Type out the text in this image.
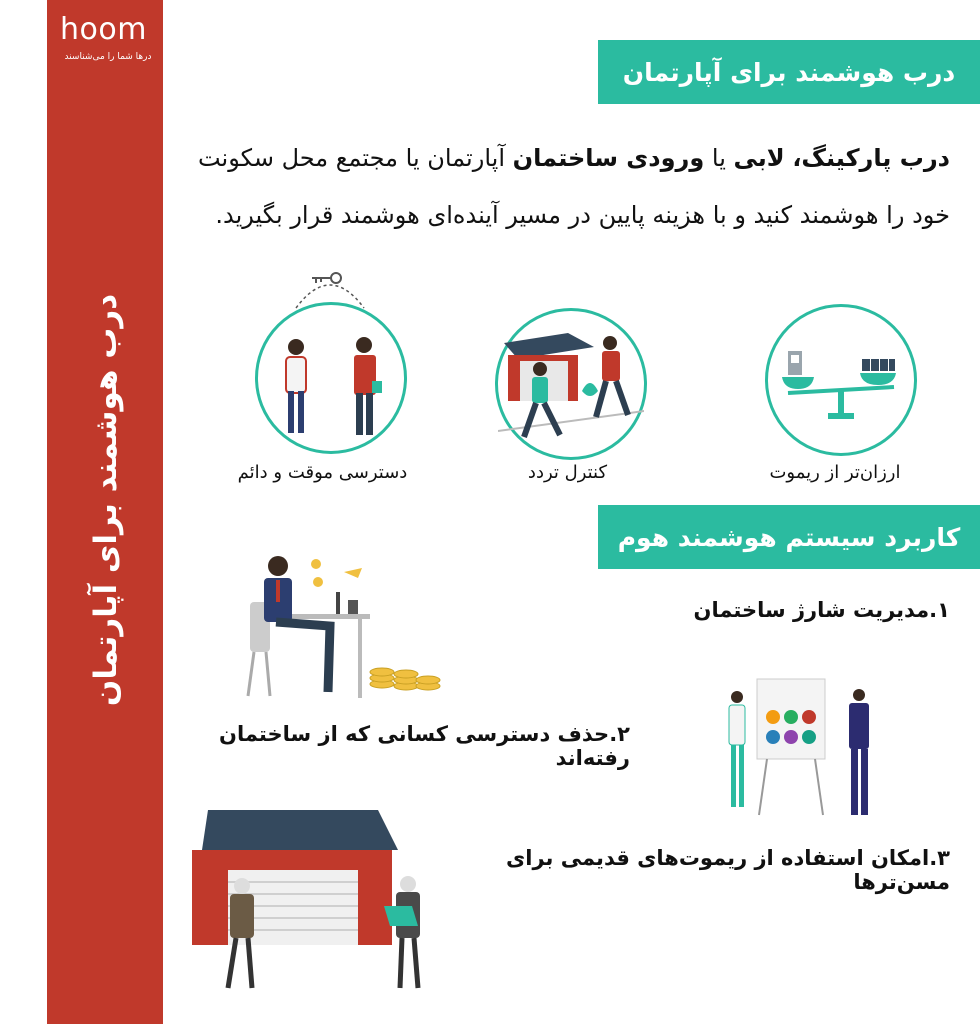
hoom
درها شما را می‌شناسند
درب هوشمند برای آپارتمان
درب هوشمند برای آپارتمان
درب پارکینگ، لابی یا ورودی ساختمان آپارتمان یا مجتمع محل سکونت خود را هوشمند کنید و با هزینه پایین در مسیر آینده‌ای هوشمند قرار بگیرید.
دسترسی موقت و دائم	کنترل تردد	ارزان‌تر از ریموت
کاربرد سیستم هوشمند هوم
۱.مدیریت شارژ ساختمان
۲.حذف دسترسی کسانی که از ساختمان رفته‌اند
۳.امکان استفاده از ریموت‌های قدیمی برای مسن‌ترها
